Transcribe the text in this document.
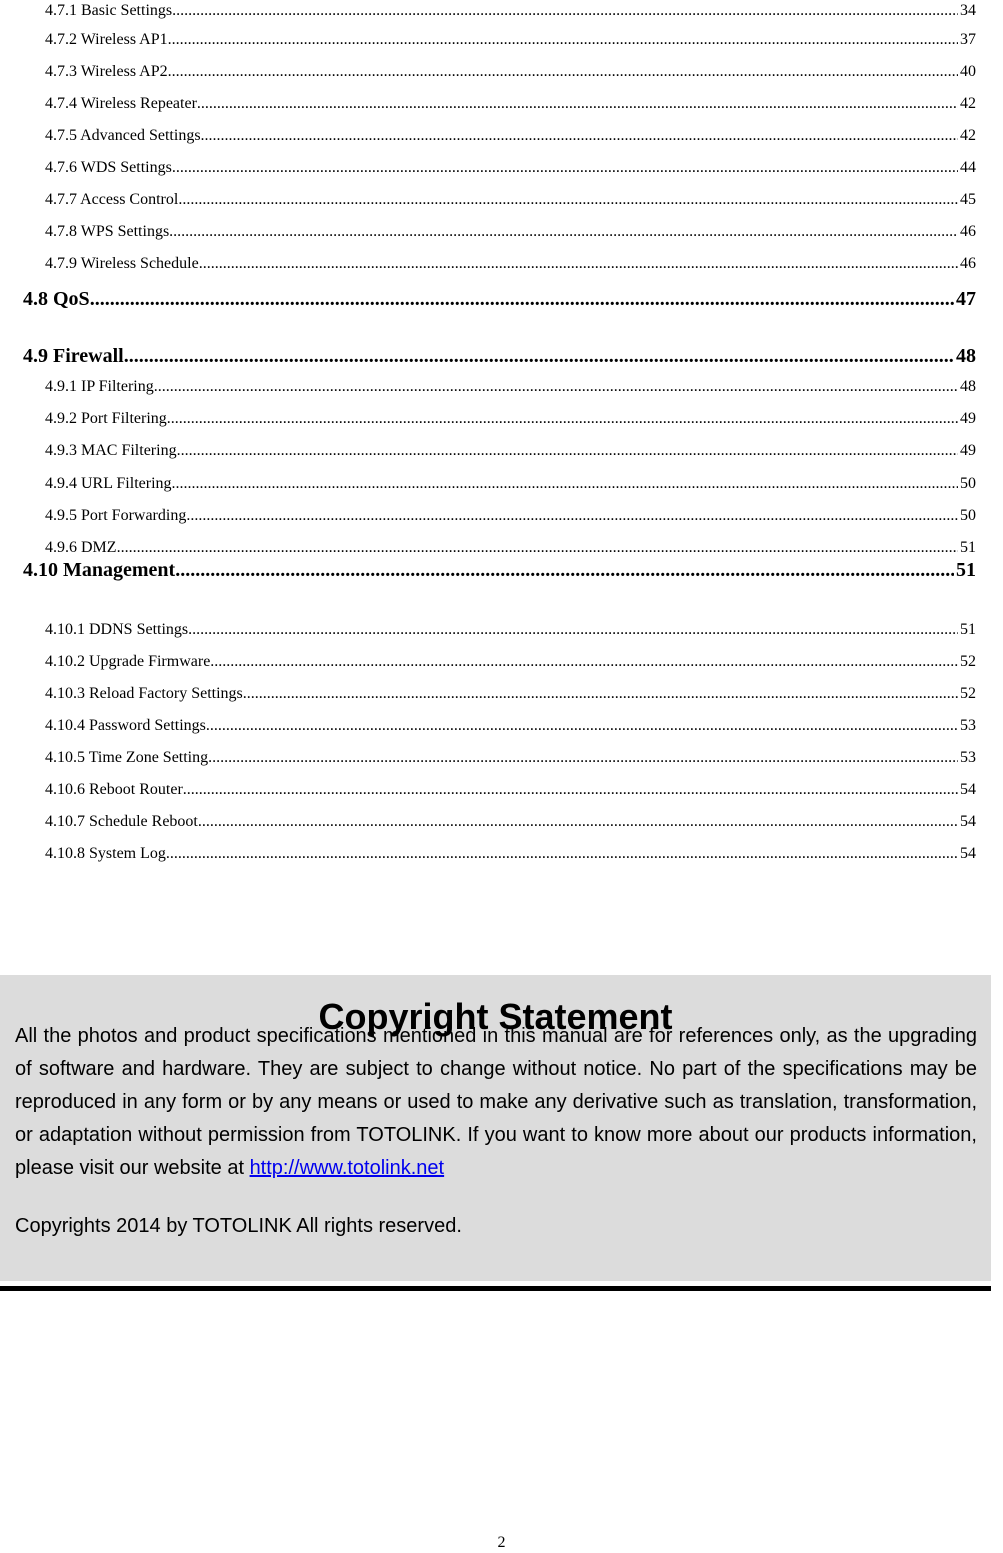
4.7.1 Basic Settings .....	34
4.7.2 Wireless AP1 .....	37
4.7.3 Wireless AP2 .....	40
4.7.4 Wireless Repeater .....	42
4.7.5 Advanced Settings .....	42
4.7.6 WDS Settings .....	44
4.7.7 Access Control .....	45
4.7.8 WPS Settings .....	46
4.7.9 Wireless Schedule .....	46
4.8 QoS .....	47
4.9 Firewall .....	48
4.9.1 IP Filtering .....	48
4.9.2 Port Filtering .....	49
4.9.3 MAC Filtering .....	49
4.9.4 URL Filtering .....	50
4.9.5 Port Forwarding .....	50
4.9.6 DMZ .....	51
4.10 Management .....	51
4.10.1 DDNS Settings .....	51
4.10.2 Upgrade Firmware .....	52
4.10.3 Reload Factory Settings .....	52
4.10.4 Password Settings .....	53
4.10.5 Time Zone Setting .....	53
4.10.6 Reboot Router .....	54
4.10.7 Schedule Reboot .....	54
4.10.8 System Log .....	54
Copyright Statement

All the photos and product specifications mentioned in this manual are for references only, as the upgrading of software and hardware. They are subject to change without notice. No part of the specifications may be reproduced in any form or by any means or used to make any derivative such as translation, transformation, or adaptation without permission from TOTOLINK. If you want to know more about our products information, please visit our website at http://www.totolink.net

Copyrights 2014 by TOTOLINK All rights reserved.

2
